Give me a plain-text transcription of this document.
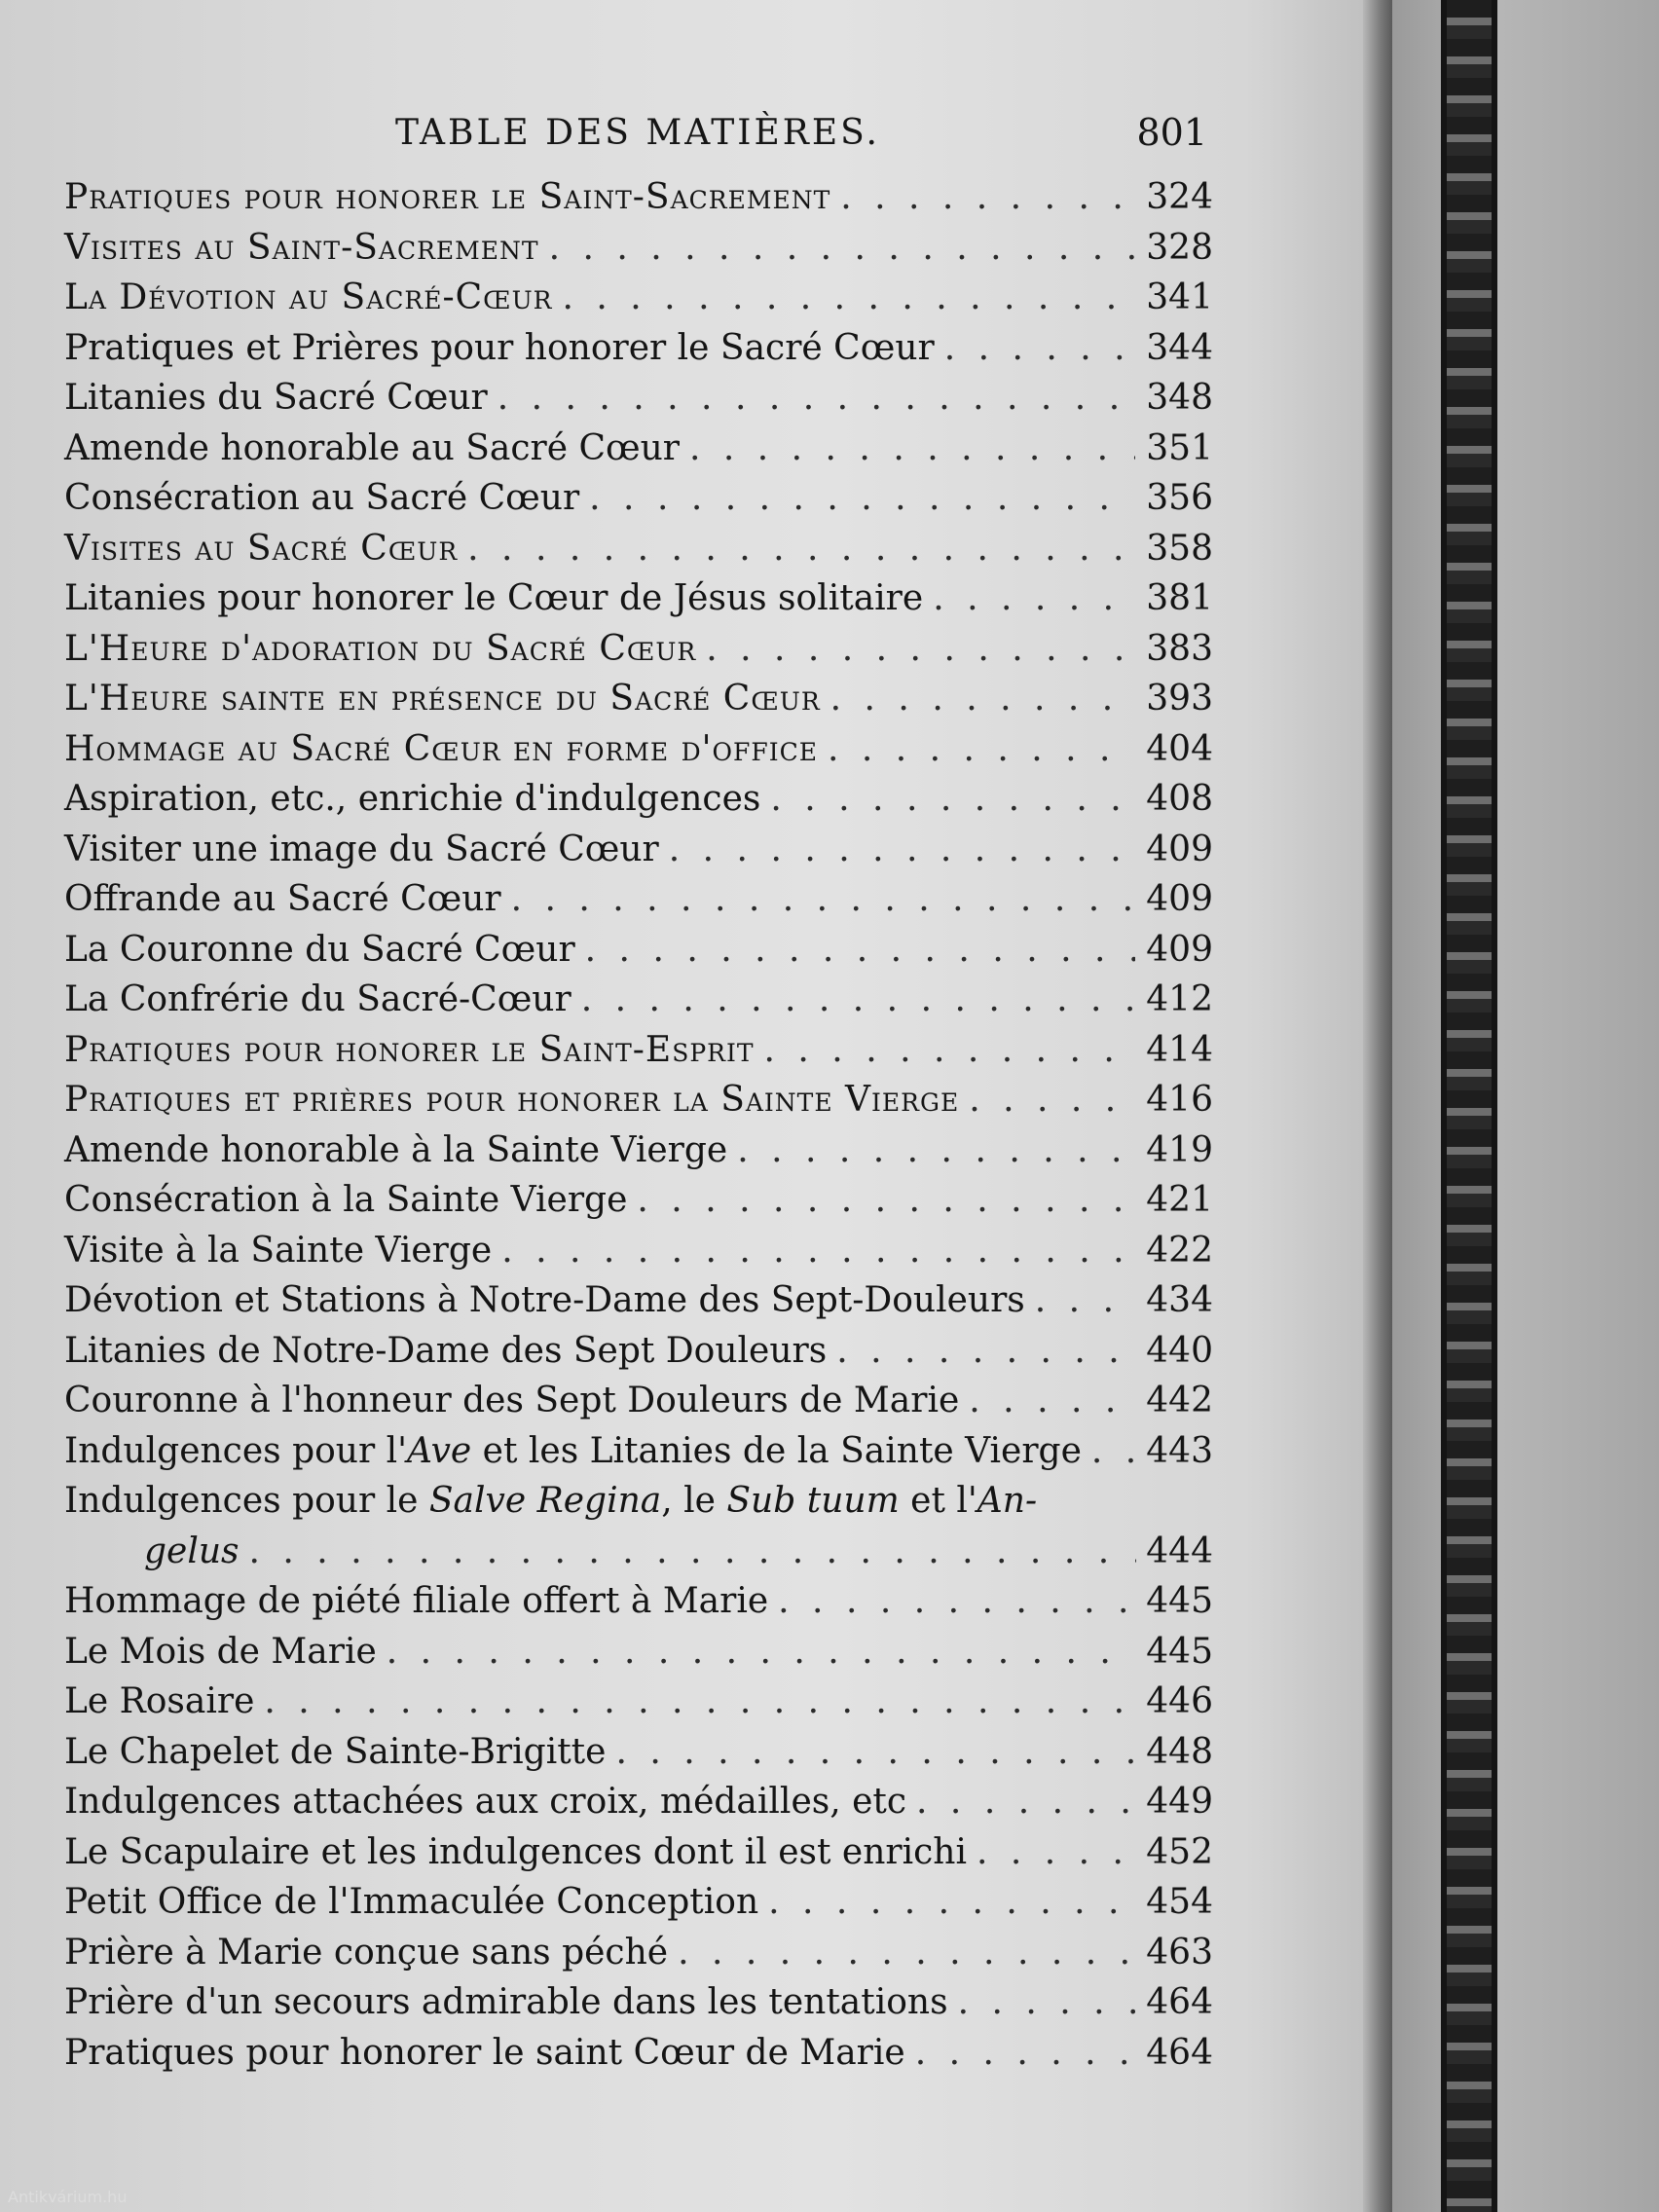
TABLE DES MATIÈRES.	801
Pratiques pour honorer le Saint-Sacrement . . .	324
Visites au Saint-Sacrement . . .	328
La Dévotion au Sacré-Cœur . . .	341
Pratiques et Prières pour honorer le Sacré Cœur . . .	344
Litanies du Sacré Cœur . . .	348
Amende honorable au Sacré Cœur . . .	351
Consécration au Sacré Cœur . . .	356
Visites au Sacré Cœur . . .	358
Litanies pour honorer le Cœur de Jésus solitaire . . .	381
L'Heure d'adoration du Sacré Cœur . . .	383
L'Heure sainte en présence du Sacré Cœur . . .	393
Hommage au Sacré Cœur en forme d'office . . .	404
Aspiration, etc., enrichie d'indulgences . . .	408
Visiter une image du Sacré Cœur . . .	409
Offrande au Sacré Cœur . . .	409
La Couronne du Sacré Cœur . . .	409
La Confrérie du Sacré-Cœur . . .	412
Pratiques pour honorer le Saint-Esprit . . .	414
Pratiques et prières pour honorer la Sainte Vierge . . .	416
Amende honorable à la Sainte Vierge . . .	419
Consécration à la Sainte Vierge . . .	421
Visite à la Sainte Vierge . . .	422
Dévotion et Stations à Notre-Dame des Sept-Douleurs . . .	434
Litanies de Notre-Dame des Sept Douleurs . . .	440
Couronne à l'honneur des Sept Douleurs de Marie . . .	442
Indulgences pour l'Ave et les Litanies de la Sainte Vierge . . . 443
Indulgences pour le Salve Regina, le Sub tuum et l'An-
gelus . . .	444
Hommage de piété filiale offert à Marie . . .	445
Le Mois de Marie . . .	445
Le Rosaire . . .	446
Le Chapelet de Sainte-Brigitte . . .	448
Indulgences attachées aux croix, médailles, etc . . .	449
Le Scapulaire et les indulgences dont il est enrichi . . .	452
Petit Office de l'Immaculée Conception . . .	454
Prière à Marie conçue sans péché . . .	463
Prière d'un secours admirable dans les tentations . . .	464
Pratiques pour honorer le saint Cœur de Marie . . .	464
Antikvárium.hu
